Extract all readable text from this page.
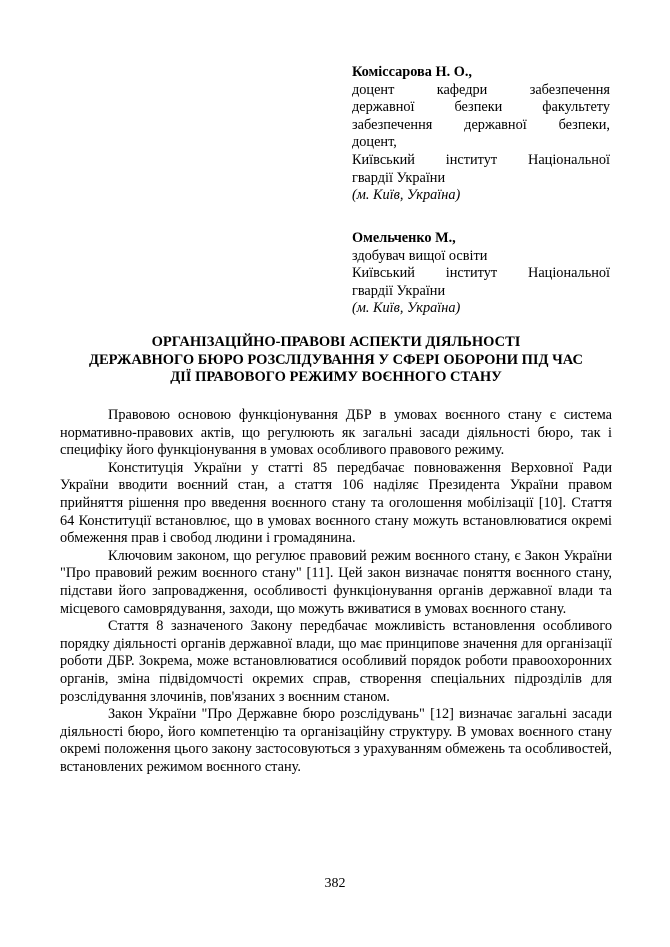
Коміссарова Н. О.,
доцент кафедри забезпечення
державної безпеки факультету
забезпечення державної безпеки,
доцент,
Київський інститут Національної
гвардії України
(м. Київ, Україна)
Омельченко М.,
здобувач вищої освіти
Київський інститут Національної
гвардії України
(м. Київ, Україна)
ОРГАНІЗАЦІЙНО-ПРАВОВІ АСПЕКТИ ДІЯЛЬНОСТІ
ДЕРЖАВНОГО БЮРО РОЗСЛІДУВАННЯ У СФЕРІ ОБОРОНИ ПІД ЧАС
ДІЇ ПРАВОВОГО РЕЖИМУ ВОЄННОГО СТАНУ

Правовою основою функціонування ДБР в умовах воєнного стану є система нормативно-правових актів, що регулюють як загальні засади діяльності бюро, так і специфіку його функціонування в умовах особливого правового режиму.

Конституція України у статті 85 передбачає повноваження Верховної Ради України вводити воєнний стан, а стаття 106 наділяє Президента України правом прийняття рішення про введення воєнного стану та оголошення мобілізації [10]. Стаття 64 Конституції встановлює, що в умовах воєнного стану можуть встановлюватися окремі обмеження прав і свобод людини і громадянина.

Ключовим законом, що регулює правовий режим воєнного стану, є Закон України "Про правовий режим воєнного стану" [11]. Цей закон визначає поняття воєнного стану, підстави його запровадження, особливості функціонування органів державної влади та місцевого самоврядування, заходи, що можуть вживатися в умовах воєнного стану.

Стаття 8 зазначеного Закону передбачає можливість встановлення особливого порядку діяльності органів державної влади, що має принципове значення для організації роботи ДБР. Зокрема, може встановлюватися особливий порядок роботи правоохоронних органів, зміна підвідомчості окремих справ, створення спеціальних підрозділів для розслідування злочинів, пов'язаних з воєнним станом.

Закон України "Про Державне бюро розслідувань" [12] визначає загальні засади діяльності бюро, його компетенцію та організаційну структуру. В умовах воєнного стану окремі положення цього закону застосовуються з урахуванням обмежень та особливостей, встановлених режимом воєнного стану.

382
